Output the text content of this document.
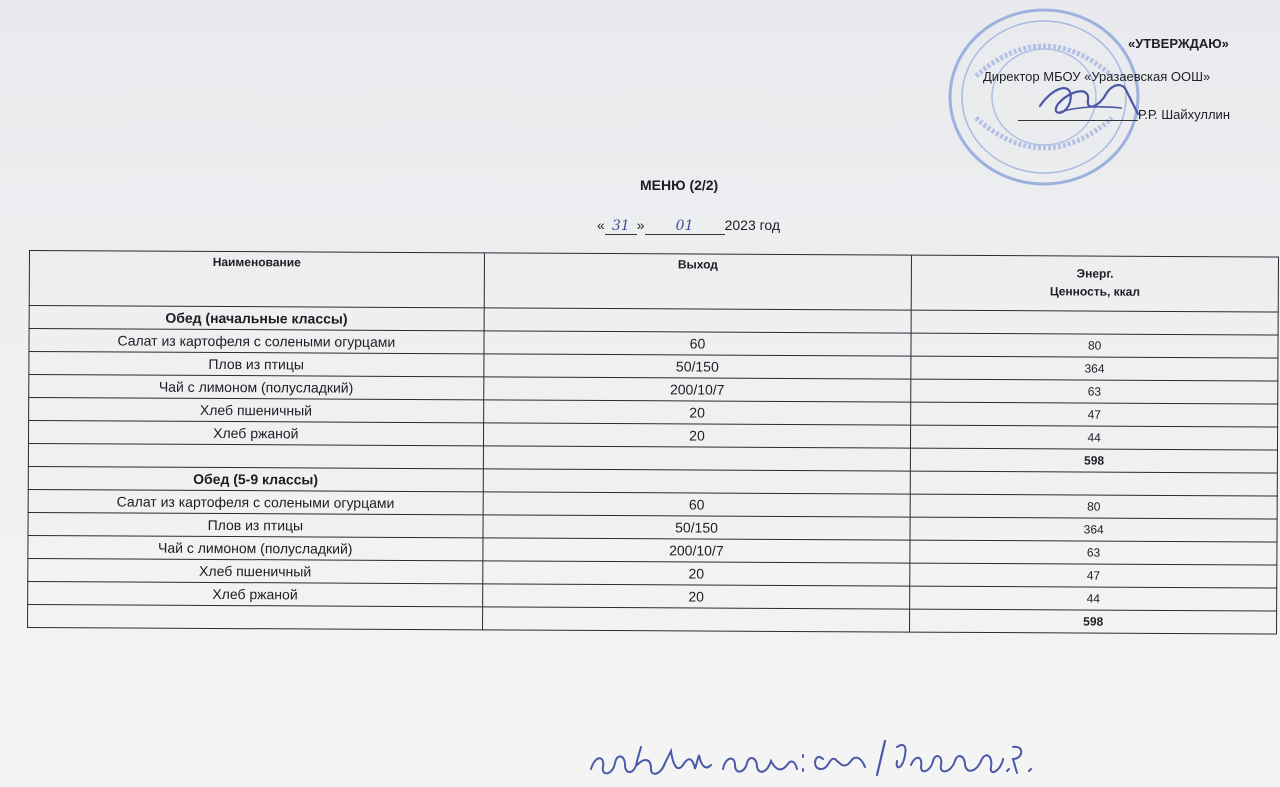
«УТВЕРЖДАЮ»
Директор МБОУ «Уразаевская ООШ»
Р.Р. Шайхуллин
МЕНЮ (2/2)
« 31 » 01 2023 год
Наименование	Выход	Энерг.
Ценность, ккал
Обед (начальные классы)		
Салат из картофеля с солеными огурцами	60	80
Плов из птицы	50/150	364
Чай с лимоном (полусладкий)	200/10/7	63
Хлеб пшеничный	20	47
Хлеб ржаной	20	44
		598
Обед (5-9 классы)		
Салат из картофеля с солеными огурцами	60	80
Плов из птицы	50/150	364
Чай с лимоном (полусладкий)	200/10/7	63
Хлеб пшеничный	20	47
Хлеб ржаной	20	44
		598
